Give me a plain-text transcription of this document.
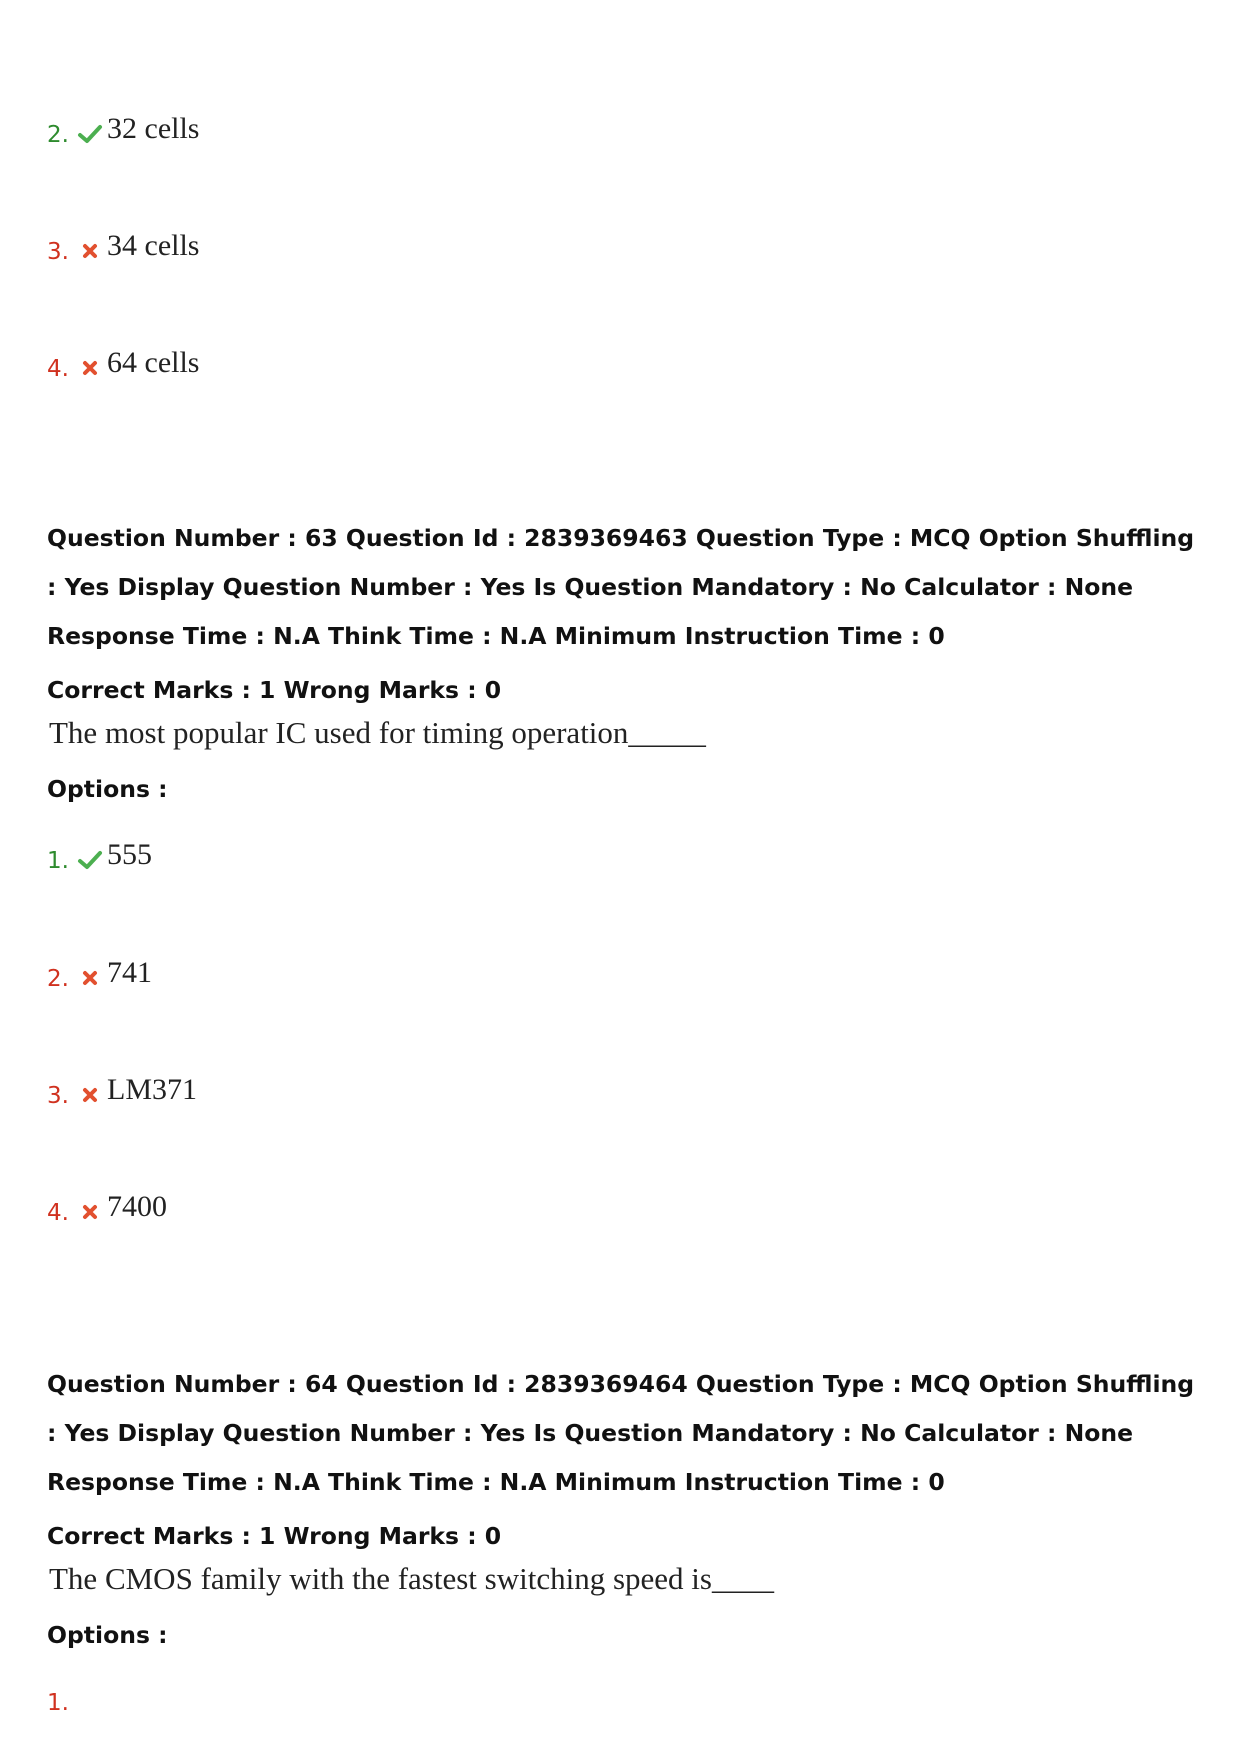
2. 32 cells
3. 34 cells
4. 64 cells
Question Number : 63 Question Id : 2839369463 Question Type : MCQ Option Shuffling : Yes Display Question Number : Yes Is Question Mandatory : No Calculator : None Response Time : N.A Think Time : N.A Minimum Instruction Time : 0
Correct Marks : 1 Wrong Marks : 0
The most popular IC used for timing operation_____
Options :
1. 555
2. 741
3. LM371
4. 7400
Question Number : 64 Question Id : 2839369464 Question Type : MCQ Option Shuffling : Yes Display Question Number : Yes Is Question Mandatory : No Calculator : None Response Time : N.A Think Time : N.A Minimum Instruction Time : 0
Correct Marks : 1 Wrong Marks : 0
The CMOS family with the fastest switching speed is____
Options :
1.
